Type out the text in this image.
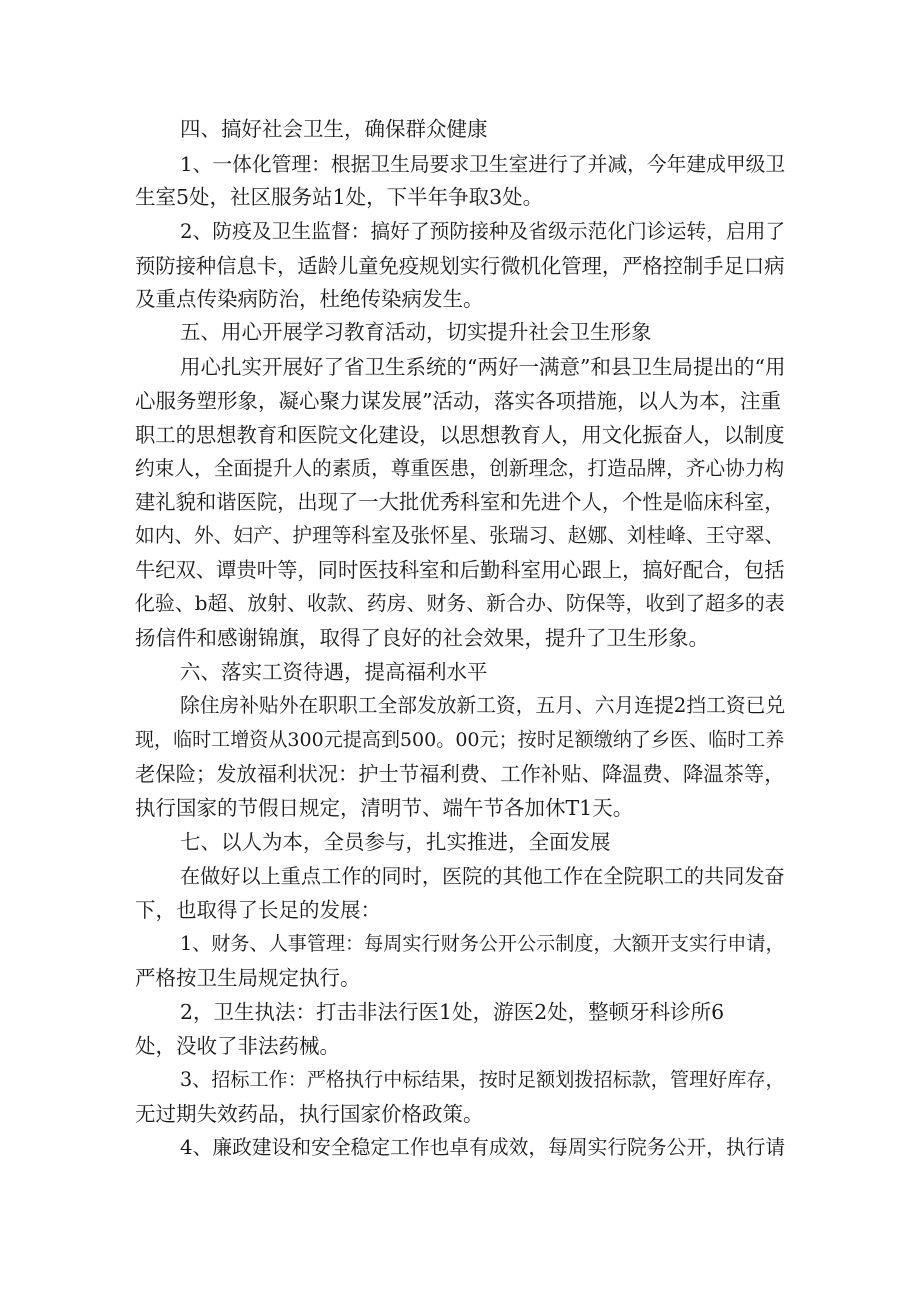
四、搞好社会卫生，确保群众健康
1、一体化管理：根据卫生局要求卫生室进行了并减，今年建成甲级卫
生室5处，社区服务站1处，下半年争取3处。
2、防疫及卫生监督：搞好了预防接种及省级示范化门诊运转，启用了
预防接种信息卡，适龄儿童免疫规划实行微机化管理，严格控制手足口病
及重点传染病防治，杜绝传染病发生。
五、用心开展学习教育活动，切实提升社会卫生形象
用心扎实开展好了省卫生系统的“两好一满意”和县卫生局提出的“用
心服务塑形象，凝心聚力谋发展”活动，落实各项措施，以人为本，注重
职工的思想教育和医院文化建设，以思想教育人，用文化振奋人，以制度
约束人，全面提升人的素质，尊重医患，创新理念，打造品牌，齐心协力构
建礼貌和谐医院，出现了一大批优秀科室和先进个人，个性是临床科室，
如内、外、妇产、护理等科室及张怀星、张瑞习、赵娜、刘桂峰、王守翠、
牛纪双、谭贵叶等，同时医技科室和后勤科室用心跟上，搞好配合，包括
化验、b超、放射、收款、药房、财务、新合办、防保等，收到了超多的表
扬信件和感谢锦旗，取得了良好的社会效果，提升了卫生形象。
六、落实工资待遇，提高福利水平
除住房补贴外在职职工全部发放新工资，五月、六月连提2挡工资已兑
现，临时工增资从300元提高到500。00元；按时足额缴纳了乡医、临时工养
老保险；发放福利状况：护士节福利费、工作补贴、降温费、降温茶等，
执行国家的节假日规定，清明节、端午节各加休T1天。
七、以人为本，全员参与，扎实推进，全面发展
在做好以上重点工作的同时，医院的其他工作在全院职工的共同发奋
下，也取得了长足的发展：
1、财务、人事管理：每周实行财务公开公示制度，大额开支实行申请，
严格按卫生局规定执行。
2，卫生执法：打击非法行医1处，游医2处，整顿牙科诊所6
处，没收了非法药械。
3、招标工作：严格执行中标结果，按时足额划拨招标款，管理好库存，
无过期失效药品，执行国家价格政策。
4、廉政建设和安全稳定工作也卓有成效，每周实行院务公开，执行请
